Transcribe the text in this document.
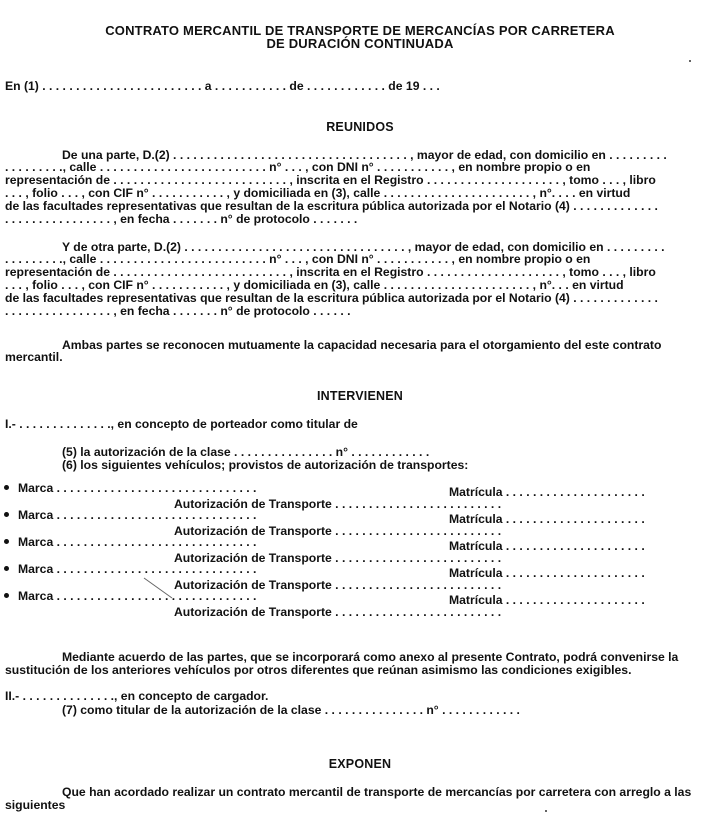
CONTRATO MERCANTIL DE TRANSPORTE DE MERCANCÍAS POR CARRETERA
DE DURACIÓN CONTINUADA
En (1) . . . . . . . . . . . . . . . . . . . . . . . . a . . . . . . . . . . . de . . . . . . . . . . . . de 19 . . .
REUNIDOS
De una parte, D.(2) . . . . . . . . . . . . . . . . . . . . . . . . . . . . . . . . . . . , mayor de edad, con domicilio en . . . . . . . . .
. . . . . . . . ., calle . . . . . . . . . . . . . . . . . . . . . . . . . n° . . . , con DNI n° . . . . . . . . . . . , en nombre propio o en
representación de . . . . . . . . . . . . . . . . . . . . . . . . . . , inscrita en el Registro . . . . . . . . . . . . . . . . . . . . , tomo . . . , libro
. . . , folio . . . , con CIF n° . . . . . . . . . . . , y domiciliada en (3), calle . . . . . . . . . . . . . . . . . . . . . . , n°. . . . en virtud
de las facultades representativas que resultan de la escritura pública autorizada por el Notario (4) . . . . . . . . . . . . .
. . . . . . . . . . . . . . . . , en fecha . . . . . . . n° de protocolo . . . . . . .
Y de otra parte, D.(2) . . . . . . . . . . . . . . . . . . . . . . . . . . . . . . . . . , mayor de edad, con domicilio en . . . . . . . . .
. . . . . . . . ., calle . . . . . . . . . . . . . . . . . . . . . . . . . n° . . . , con DNI n° . . . . . . . . . . . , en nombre propio o en
representación de . . . . . . . . . . . . . . . . . . . . . . . . . . , inscrita en el Registro . . . . . . . . . . . . . . . . . . . . , tomo . . . , libro
. . . , folio . . . , con CIF n° . . . . . . . . . . . , y domiciliada en (3), calle . . . . . . . . . . . . . . . . . . . . . . , n°. . . en virtud
de las facultades representativas que resultan de la escritura pública autorizada por el Notario (4) . . . . . . . . . . . . .
. . . . . . . . . . . . . . . . , en fecha . . . . . . . n° de protocolo . . . . . .
Ambas partes se reconocen mutuamente la capacidad necesaria para el otorgamiento del este contrato
mercantil.
INTERVIENEN
I.- . . . . . . . . . . . . . ., en concepto de porteador como titular de
(5) la autorización de la clase . . . . . . . . . . . . . . . n° . . . . . . . . . . . .
(6) los siguientes vehículos; provistos de autorización de transportes:
Marca . . . . . . . . . . . . . . . . . . . . . . . . . . . . . .	Matrícula . . . . . . . . . . . . . . . . . . . . .
Autorización de Transporte . . . . . . . . . . . . . . . . . . . . . . . . .
Marca . . . . . . . . . . . . . . . . . . . . . . . . . . . . . .	Matrícula . . . . . . . . . . . . . . . . . . . . .
Autorización de Transporte . . . . . . . . . . . . . . . . . . . . . . . . .
Marca . . . . . . . . . . . . . . . . . . . . . . . . . . . . . .	Matrícula . . . . . . . . . . . . . . . . . . . . .
Autorización de Transporte . . . . . . . . . . . . . . . . . . . . . . . . .
Marca . . . . . . . . . . . . . . . . . . . . . . . . . . . . . .	Matrícula . . . . . . . . . . . . . . . . . . . . .
Autorización de Transporte . . . . . . . . . . . . . . . . . . . . . . . . .
Marca . . . . . . . . . . . . . . . . . . . . . . . . . . . . . .	Matrícula . . . . . . . . . . . . . . . . . . . . .
Autorización de Transporte . . . . . . . . . . . . . . . . . . . . . . . . .
Mediante acuerdo de las partes, que se incorporará como anexo al presente Contrato, podrá convenirse la
sustitución de los anteriores vehículos por otros diferentes que reúnan asimismo las condiciones exigibles.
II.- . . . . . . . . . . . . . ., en concepto de cargador.
(7) como titular de la autorización de la clase . . . . . . . . . . . . . . . n° . . . . . . . . . . . .
EXPONEN
Que han acordado realizar un contrato mercantil de transporte de mercancías por carretera con arreglo a las
siguientes
